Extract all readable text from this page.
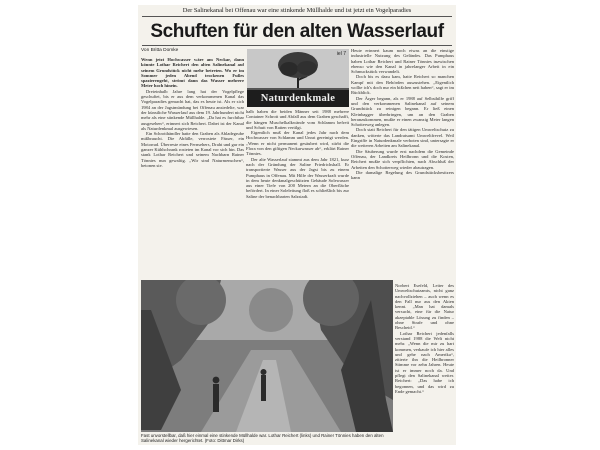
Der Salinekanal bei Offenau war eine stinkende Müllhalde und ist jetzt ein Vogelparadies
Schuften für den alten Wasserlauf
Von Britta Domke

Wenn jetzt Hochwasser wäre am Neckar, dann könnte Lothar Reichert den alten Salinekanal auf seinem Grundstück nicht mehr betreten. Wo er im Sommer jeden Abend trockenen Fußes spazierengeht, strömt dann das Wasser mehrere Meter hoch hinein.

Dreieinhalb Jahre lang hat der Vogelpflege geschuftet, bis er aus dem verkommenen Kanal das Vogelparadies gemacht hat, das es heute ist. Als er sich 1984 an der Jagstmündung bei Offenau ansiedelte, war der künstliche Wasserlauf aus dem 19. Jahrhundert nicht mehr als eine stinkende Müllhalde. „Da hat es furchtbar ausgesehen“, erinnert sich Reichert. Dabei ist der Kanal als Naturdenkmal ausgewiesen.

Ein Schrotthändler hatte den Graben als Abladegrube mißbraucht. Die Abfälle, verrostete Fässer, ein Motorrad. Überreste eines Fernsehers, Draht und gar ein ganzer Kühlschrank rosteten im Kanal vor sich hin. Das stank Lothar Reichert und seinem Nachbarn Rainer Tönnies nun gewaltig. „Wir sind Naturmenschen“, betonen sie.

iel 7
Naturdenkmale

halb haben die beiden Männer seit 1988 mehrere Container Schrott und Abfall aus dem Graben geschafft, die hängen Muschelkalkwände vom Schlamm befreit und Schutt von Ratten vertilgt.

Eigentlich muß der Kanal jedes Jahr nach dem Hochwasser von Schlamm und Unrat gereinigt werden. „Wenn er nicht permanent gesäubert wird, stirbt die Flora von den giftigen Neckarwasser ab“, erklärt Rainer Tönnies.

Der alte Wasserlauf stammt aus dem Jahr 1821, kurz nach der Gründung der Saline Friedrichshall. Er transportierte Wasser aus der Jagst bis zu einem Pumphaus in Offenau. Mit Hilfe der Wasserkraft wurde in dem heute denkmalgeschützten Gebäude Solewasser aus einer Tiefe von 200 Metern an die Oberfläche befördert. In einer Soleleitung floß es schließlich bis zur Saline der benachbarten Salzstadt.

Heute erinnert kaum noch etwas an die einstige industrielle Nutzung des Geländes. Das Pumphaus haben Lothar Reichert und Rainer Tönnies inzwischen ebenso wie den Kanal in jahrelanger Arbeit in ein Schmuckstück verwandelt.

Doch bis es dazu kam, hatte Reichert so manchen Kampf mit den Behörden auszustehen. „Eigentlich wollte ich's doch nur ein bißchen nett haben“, sagt er im Rückblick.

Der Ärger begann, als er 1988 auf Selbsthilfe griff und den verkommenen Salinekanal auf seinem Grundstück zu reinigen begann. Er ließ einen Kleinbagger überbringen, um an den Graben heranzukommen, mußte er einen zwanzig Meter langen Schotterweg anlegen.

Doch statt Reichert für den tätigen Umweltschutz zu danken, witterte das Landratsamt Umweltfrevel. Weil Eingriffe in Naturdenkmale verboten sind, untersagte er die weiteren Arbeiten am Salinekanal.

Die Säuberung wurde erst nachdem die Gemeinde Offenau, der Landkreis Heilbronn und die Kosten, Reichert mußte sich verpflichten, nach Abschluß der Arbeiten den Schotterweg wieder abzutragen.

Die damalige Regelung des Grundstücksbesitzers kann

Norbert Esefeld, Leiter des Umweltschutzamts, nicht ganz nachvollziehen – auch wenn es den Fall nur aus den Akten kennt. „Man hat damals versucht, eine für die Natur akzeptable Lösung zu finden – ohne Strafe und ohne Bescheid.“

Lothar Reichert jedenfalls verstand 1988 die Welt nicht mehr. „Wenn die mir zu hart kommen, verkaufe ich hier alles und gehe nach Amerika“, zitierte ihn die Heilbronner Stimme vor zehn Jahren. Heute ist er immer noch da. Und pflegt den Salinekanal weiter. Reichert: „Das habe ich begonnen, und das wird zu Ende gemacht.“

Fast unvorstellbar, daß hier einmal eine stinkende Müllhalde war. Lothar Reichert (links) und Rainer Tönnies haben den alten Salinekanal wieder hergerichtet. (Foto: Dittmar Dirks)
